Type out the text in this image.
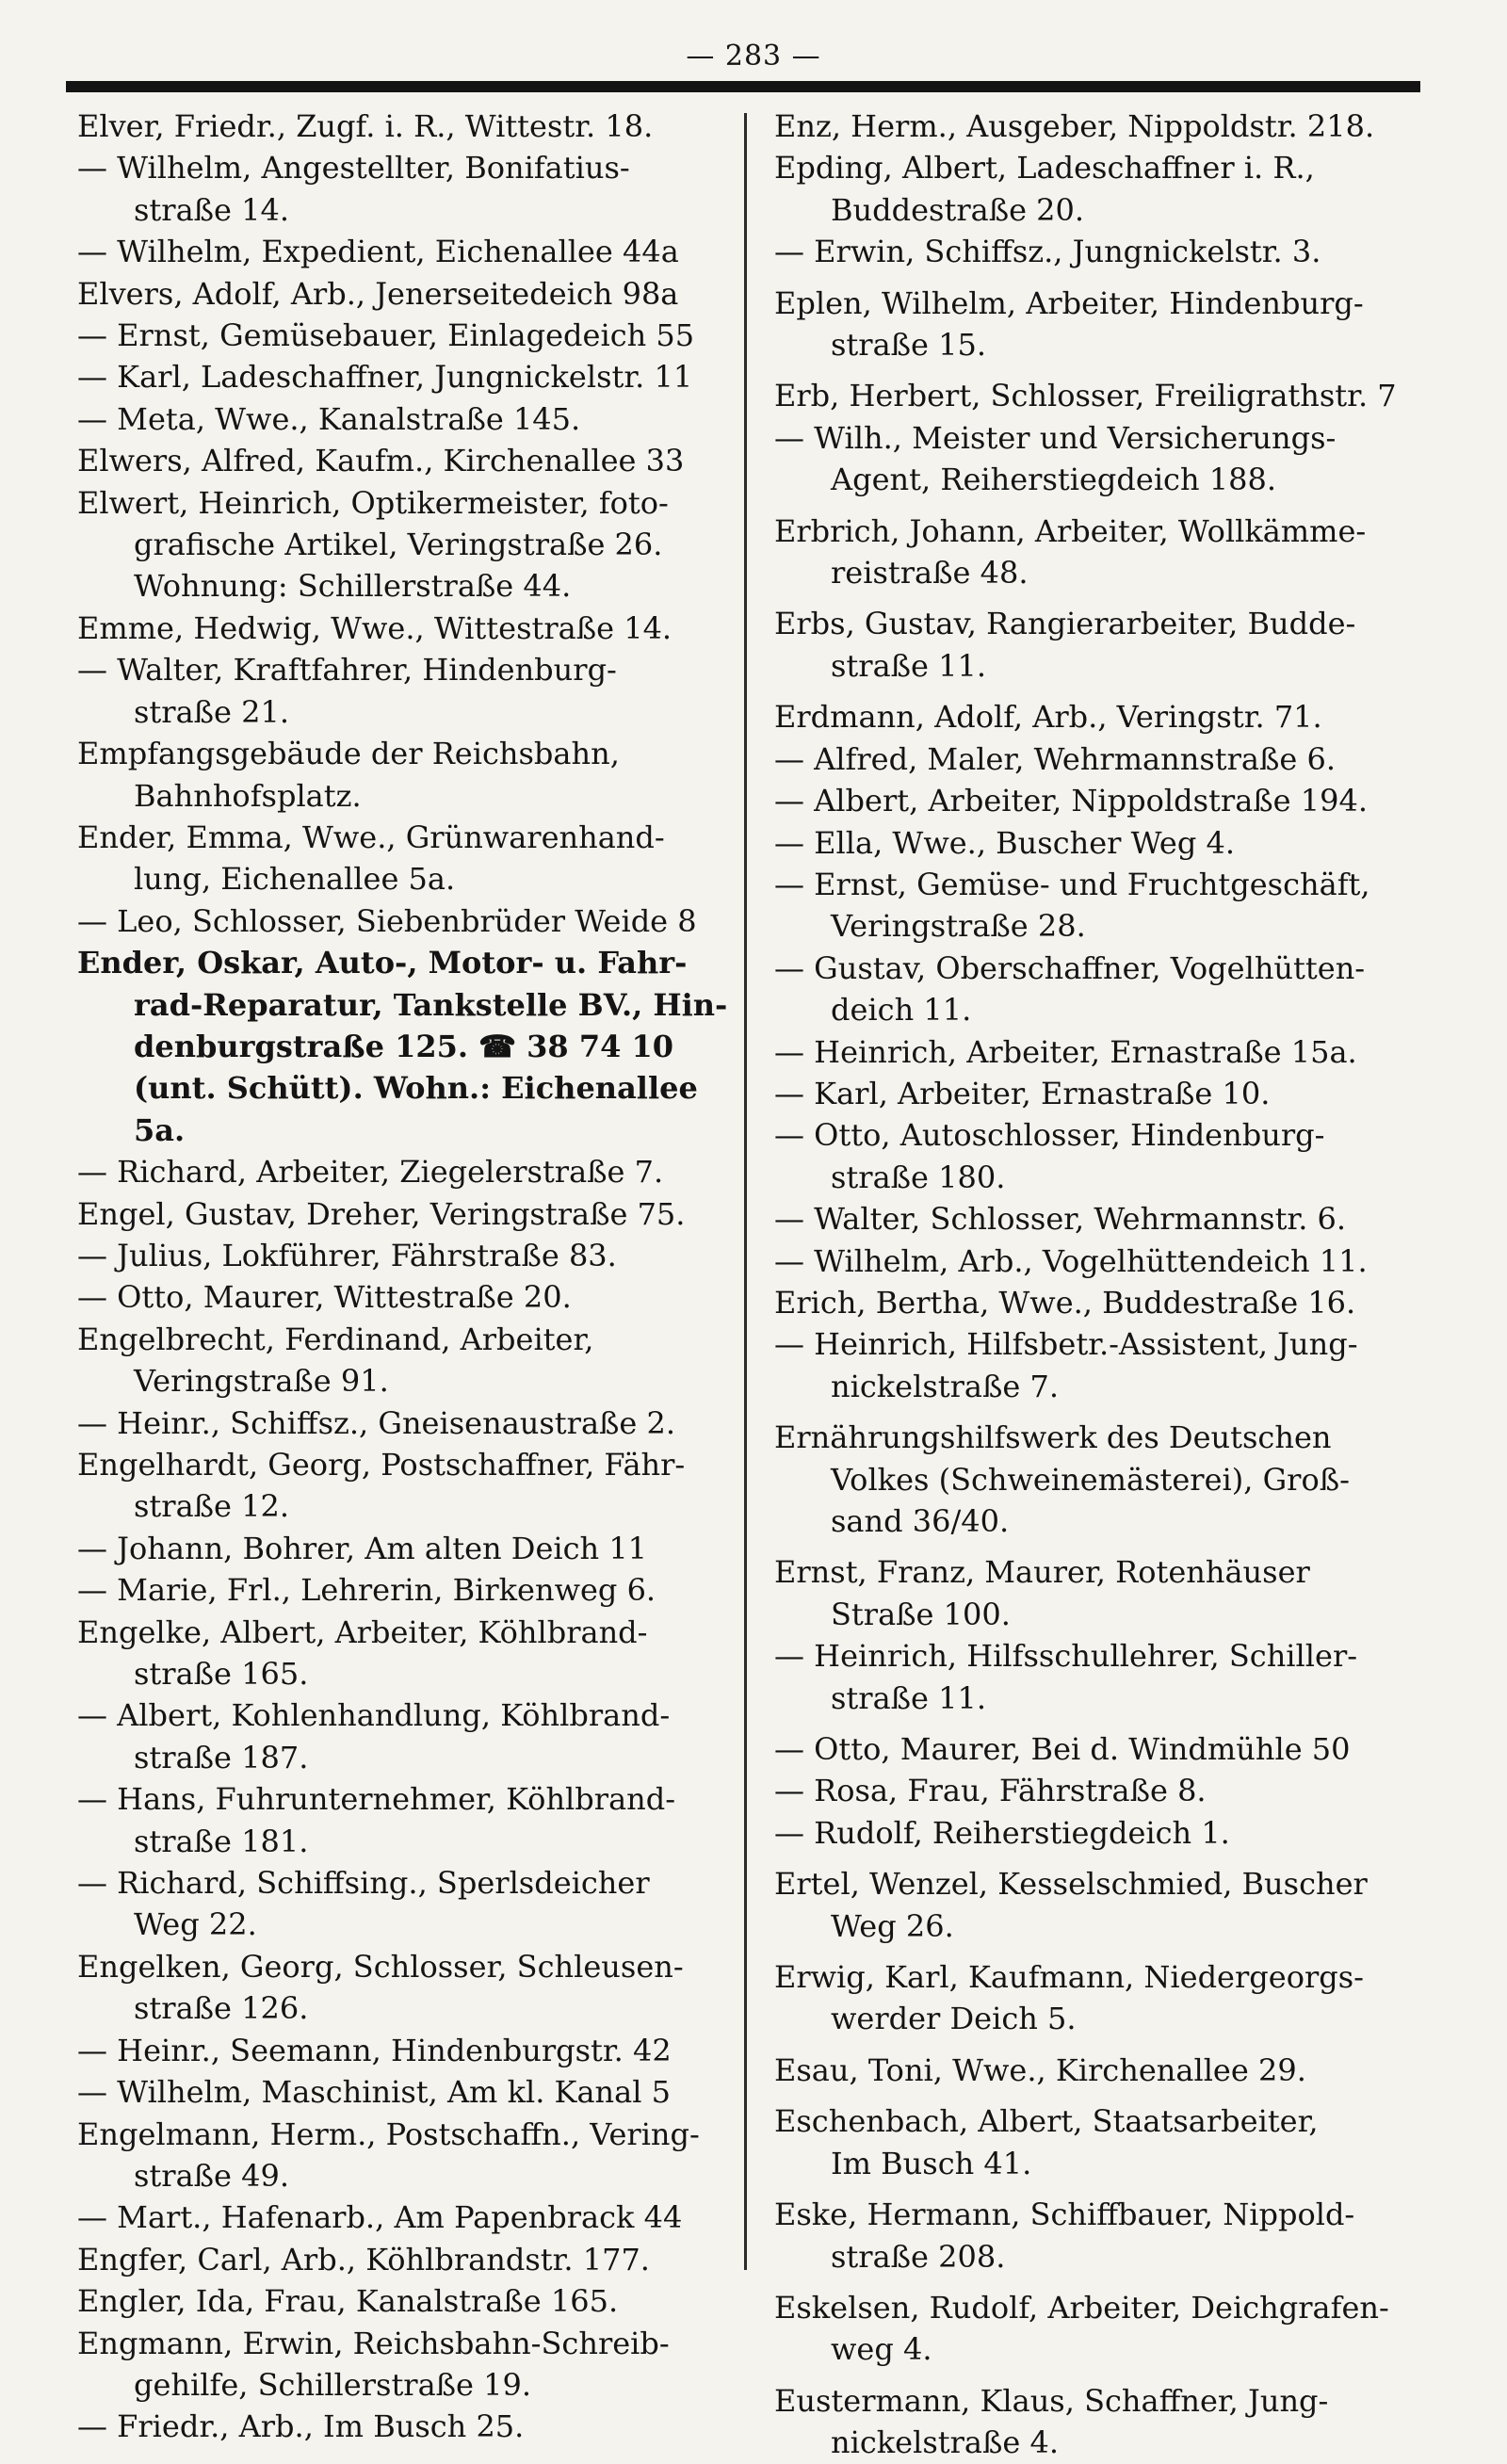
— 283 —
Elver, Friedr., Zugf. i. R., Wittestr. 18.
— Wilhelm, Angestellter, Bonifatius-
straße 14.
— Wilhelm, Expedient, Eichenallee 44a
Elvers, Adolf, Arb., Jenerseitedeich 98a
— Ernst, Gemüsebauer, Einlagedeich 55
— Karl, Ladeschaffner, Jungnickelstr. 11
— Meta, Wwe., Kanalstraße 145.
Elwers, Alfred, Kaufm., Kirchenallee 33
Elwert, Heinrich, Optikermeister, foto-
grafische Artikel, Veringstraße 26.
Wohnung: Schillerstraße 44.
Emme, Hedwig, Wwe., Wittestraße 14.
— Walter, Kraftfahrer, Hindenburg-
straße 21.
Empfangsgebäude der Reichsbahn,
Bahnhofsplatz.
Ender, Emma, Wwe., Grünwarenhand-
lung, Eichenallee 5a.
— Leo, Schlosser, Siebenbrüder Weide 8
Ender, Oskar, Auto-, Motor- u. Fahr-
rad-Reparatur, Tankstelle BV., Hin-
denburgstraße 125. ☎ 38 74 10
(unt. Schütt). Wohn.: Eichenallee 5a.
— Richard, Arbeiter, Ziegelerstraße 7.
Engel, Gustav, Dreher, Veringstraße 75.
— Julius, Lokführer, Fährstraße 83.
— Otto, Maurer, Wittestraße 20.
Engelbrecht, Ferdinand, Arbeiter,
Veringstraße 91.
— Heinr., Schiffsz., Gneisenaustraße 2.
Engelhardt, Georg, Postschaffner, Fähr-
straße 12.
— Johann, Bohrer, Am alten Deich 11
— Marie, Frl., Lehrerin, Birkenweg 6.
Engelke, Albert, Arbeiter, Köhlbrand-
straße 165.
— Albert, Kohlenhandlung, Köhlbrand-
straße 187.
— Hans, Fuhrunternehmer, Köhlbrand-
straße 181.
— Richard, Schiffsing., Sperlsdeicher
Weg 22.
Engelken, Georg, Schlosser, Schleusen-
straße 126.
— Heinr., Seemann, Hindenburgstr. 42
— Wilhelm, Maschinist, Am kl. Kanal 5
Engelmann, Herm., Postschaffn., Vering-
straße 49.
— Mart., Hafenarb., Am Papenbrack 44
Engfer, Carl, Arb., Köhlbrandstr. 177.
Engler, Ida, Frau, Kanalstraße 165.
Engmann, Erwin, Reichsbahn-Schreib-
gehilfe, Schillerstraße 19.
— Friedr., Arb., Im Busch 25.
Enz, Herm., Ausgeber, Nippoldstr. 218.
Epding, Albert, Ladeschaffner i. R.,
Buddestraße 20.
— Erwin, Schiffsz., Jungnickelstr. 3.
Eplen, Wilhelm, Arbeiter, Hindenburg-
straße 15.
Erb, Herbert, Schlosser, Freiligrathstr. 7
— Wilh., Meister und Versicherungs-
Agent, Reiherstiegdeich 188.
Erbrich, Johann, Arbeiter, Wollkämme-
reistraße 48.
Erbs, Gustav, Rangierarbeiter, Budde-
straße 11.
Erdmann, Adolf, Arb., Veringstr. 71.
— Alfred, Maler, Wehrmannstraße 6.
— Albert, Arbeiter, Nippoldstraße 194.
— Ella, Wwe., Buscher Weg 4.
— Ernst, Gemüse- und Fruchtgeschäft,
Veringstraße 28.
— Gustav, Oberschaffner, Vogelhütten-
deich 11.
— Heinrich, Arbeiter, Ernastraße 15a.
— Karl, Arbeiter, Ernastraße 10.
— Otto, Autoschlosser, Hindenburg-
straße 180.
— Walter, Schlosser, Wehrmannstr. 6.
— Wilhelm, Arb., Vogelhüttendeich 11.
Erich, Bertha, Wwe., Buddestraße 16.
— Heinrich, Hilfsbetr.-Assistent, Jung-
nickelstraße 7.
Ernährungshilfswerk des Deutschen
Volkes (Schweinemästerei), Groß-
sand 36/40.
Ernst, Franz, Maurer, Rotenhäuser
Straße 100.
— Heinrich, Hilfsschullehrer, Schiller-
straße 11.
— Otto, Maurer, Bei d. Windmühle 50
— Rosa, Frau, Fährstraße 8.
— Rudolf, Reiherstiegdeich 1.
Ertel, Wenzel, Kesselschmied, Buscher
Weg 26.
Erwig, Karl, Kaufmann, Niedergeorgs-
werder Deich 5.
Esau, Toni, Wwe., Kirchenallee 29.
Eschenbach, Albert, Staatsarbeiter,
Im Busch 41.
Eske, Hermann, Schiffbauer, Nippold-
straße 208.
Eskelsen, Rudolf, Arbeiter, Deichgrafen-
weg 4.
Eustermann, Klaus, Schaffner, Jung-
nickelstraße 4.
